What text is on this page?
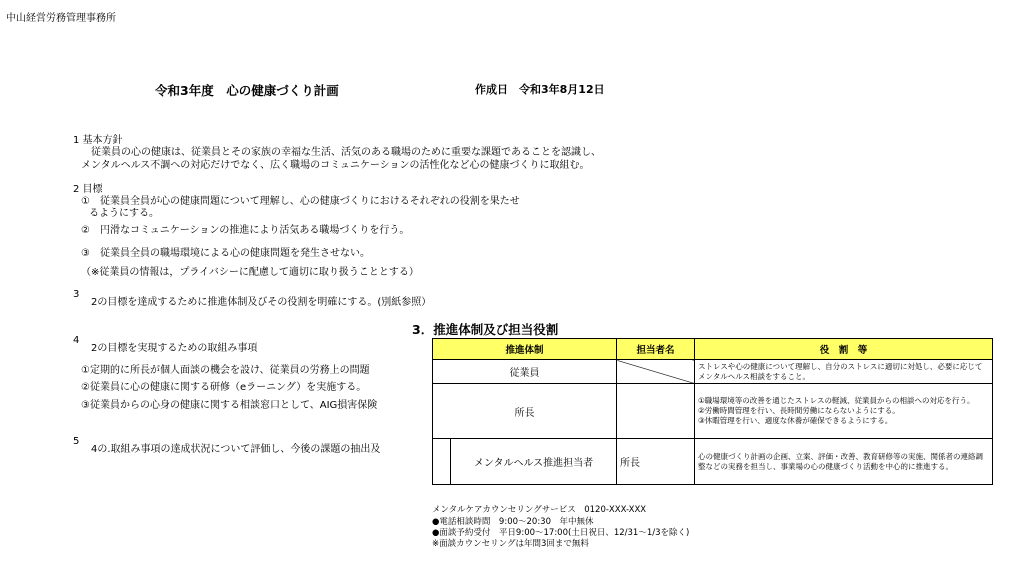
中山経営労務管理事務所
令和3年度　心の健康づくり計画	作成日　令和3年8月12日
1 基本方針
従業員の心の健康は、従業員とその家族の幸福な生活、活気のある職場のために重要な課題であることを認識し、
メンタルヘルス不調への対応だけでなく、広く職場のコミュニケーションの活性化など心の健康づくりに取組む。
2 目標
①　従業員全員が心の健康問題について理解し、心の健康づくりにおけるそれぞれの役割を果たせ
るようにする。
②　円滑なコミュニケーションの推進により活気ある職場づくりを行う。
③　従業員全員の職場環境による心の健康問題を発生させない。
（※従業員の情報は，プライバシーに配慮して適切に取り扱うこととする）
3
2の目標を達成するために推進体制及びその役割を明確にする。(別紙参照）
4
2の目標を実現するための取組み事項
①定期的に所長が個人面談の機会を設け、従業員の労務上の問題
②従業員に心の健康に関する研修（eラーニング）を実施する。
③従業員からの心身の健康に関する相談窓口として、AIG損害保険
5
4の.取組み事項の達成状況について評価し、今後の課題の抽出及
3．推進体制及び担当役割
推進体制		担当者名	役　割　等
従業員			ストレスや心の健康について理解し、自分のストレスに適切に対処し、必要に応じてメンタルヘルス相談をすること。
所長			①職場環境等の改善を通じたストレスの軽減、従業員からの相談への対応を行う。
②労働時間管理を行い、長時間労働にならないようにする。
③休暇管理を行い、適度な休養が確保できるようにする。
	メンタルヘルス推進担当者	所長	心の健康づくり計画の企画、立案、評価・改善、教育研修等の実施、関係者の連絡調整などの実務を担当し、事業場の心の健康づくり活動を中心的に推進する。
メンタルケアカウンセリングサービス　0120-XXX-XXX
●電話相談時間　9:00～20:30　年中無休
●面談予約受付　平日9:00～17:00(土日祝日、12/31～1/3を除く)
※面談カウンセリングは年間3回まで無料
